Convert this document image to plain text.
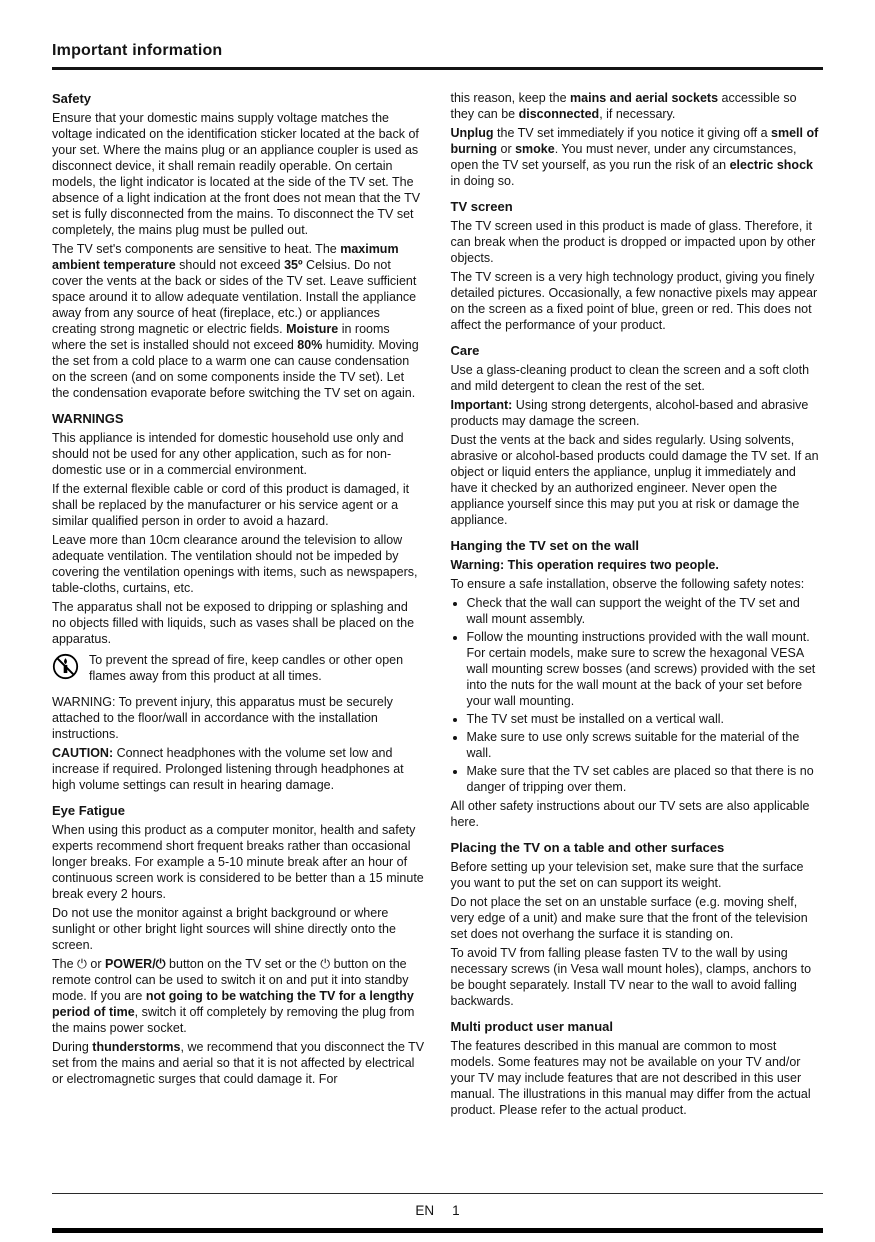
Important information
Safety

Ensure that your domestic mains supply voltage matches the voltage indicated on the identification sticker located at the back of your set. Where the mains plug or an appliance coupler is used as disconnect device, it shall remain readily operable. On certain models, the light indicator is located at the side of the TV set. The absence of a light indication at the front does not mean that the TV set is fully disconnected from the mains. To disconnect the TV set completely, the mains plug must be pulled out.

The TV set's components are sensitive to heat. The maximum ambient temperature should not exceed 35º Celsius. Do not cover the vents at the back or sides of the TV set. Leave sufficient space around it to allow adequate ventilation. Install the appliance away from any source of heat (fireplace, etc.) or appliances creating strong magnetic or electric fields. Moisture in rooms where the set is installed should not exceed 80% humidity. Moving the set from a cold place to a warm one can cause condensation on the screen (and on some components inside the TV set). Let the condensation evaporate before switching the TV set on again.

WARNINGS

This appliance is intended for domestic household use only and should not be used for any other application, such as for non-domestic use or in a commercial environment.

If the external flexible cable or cord of this product is damaged, it shall be replaced by the manufacturer or his service agent or a similar qualified person in order to avoid a hazard.

Leave more than 10cm clearance around the television to allow adequate ventilation. The ventilation should not be impeded by covering the ventilation openings with items, such as newspapers, table-cloths, curtains, etc.

The apparatus shall not be exposed to dripping or splashing and no objects filled with liquids, such as vases shall be placed on the apparatus.

To prevent the spread of fire, keep candles or other open flames away from this product at all times.

WARNING: To prevent injury, this apparatus must be securely attached to the floor/wall in accordance with the installation instructions.

CAUTION: Connect headphones with the volume set low and increase if required. Prolonged listening through headphones at high volume settings can result in hearing damage.

Eye Fatigue

When using this product as a computer monitor, health and safety experts recommend short frequent breaks rather than occasional longer breaks. For example a 5-10 minute break after an hour of continuous screen work is considered to be better than a 15 minute break every 2 hours.

Do not use the monitor against a bright background or where sunlight or other bright light sources will shine directly onto the screen.

The ⏻ or POWER/⏻ button on the TV set or the ⏻ button on the remote control can be used to switch it on and put it into standby mode. If you are not going to be watching the TV for a lengthy period of time, switch it off completely by removing the plug from the mains power socket.

During thunderstorms, we recommend that you disconnect the TV set from the mains and aerial so that it is not affected by electrical or electromagnetic surges that could damage it. For

this reason, keep the mains and aerial sockets accessible so they can be disconnected, if necessary.

Unplug the TV set immediately if you notice it giving off a smell of burning or smoke. You must never, under any circumstances, open the TV set yourself, as you run the risk of an electric shock in doing so.

TV screen

The TV screen used in this product is made of glass. Therefore, it can break when the product is dropped or impacted upon by other objects.

The TV screen is a very high technology product, giving you finely detailed pictures. Occasionally, a few nonactive pixels may appear on the screen as a fixed point of blue, green or red. This does not affect the performance of your product.

Care

Use a glass-cleaning product to clean the screen and a soft cloth and mild detergent to clean the rest of the set.

Important: Using strong detergents, alcohol-based and abrasive products may damage the screen.

Dust the vents at the back and sides regularly. Using solvents, abrasive or alcohol-based products could damage the TV set. If an object or liquid enters the appliance, unplug it immediately and have it checked by an authorized engineer. Never open the appliance yourself since this may put you at risk or damage the appliance.

Hanging the TV set on the wall

Warning: This operation requires two people.

To ensure a safe installation, observe the following safety notes:

• Check that the wall can support the weight of the TV set and wall mount assembly.
• Follow the mounting instructions provided with the wall mount. For certain models, make sure to screw the hexagonal VESA wall mounting screw bosses (and screws) provided with the set into the nuts for the wall mount at the back of your set before your wall mounting.
• The TV set must be installed on a vertical wall.
• Make sure to use only screws suitable for the material of the wall.
• Make sure that the TV set cables are placed so that there is no danger of tripping over them.

All other safety instructions about our TV sets are also applicable here.

Placing the TV on a table and other surfaces

Before setting up your television set, make sure that the surface you want to put the set on can support its weight.

Do not place the set on an unstable surface (e.g. moving shelf, very edge of a unit) and make sure that the front of the television set does not overhang the surface it is standing on.

To avoid TV from falling please fasten TV to the wall by using necessary screws (in Vesa wall mount holes), clamps, anchors to be bought separately. Install TV near to the wall to avoid falling backwards.

Multi product user manual

The features described in this manual are common to most models. Some features may not be available on your TV and/or your TV may include features that are not described in this user manual. The illustrations in this manual may differ from the actual product. Please refer to the actual product.

EN 1
